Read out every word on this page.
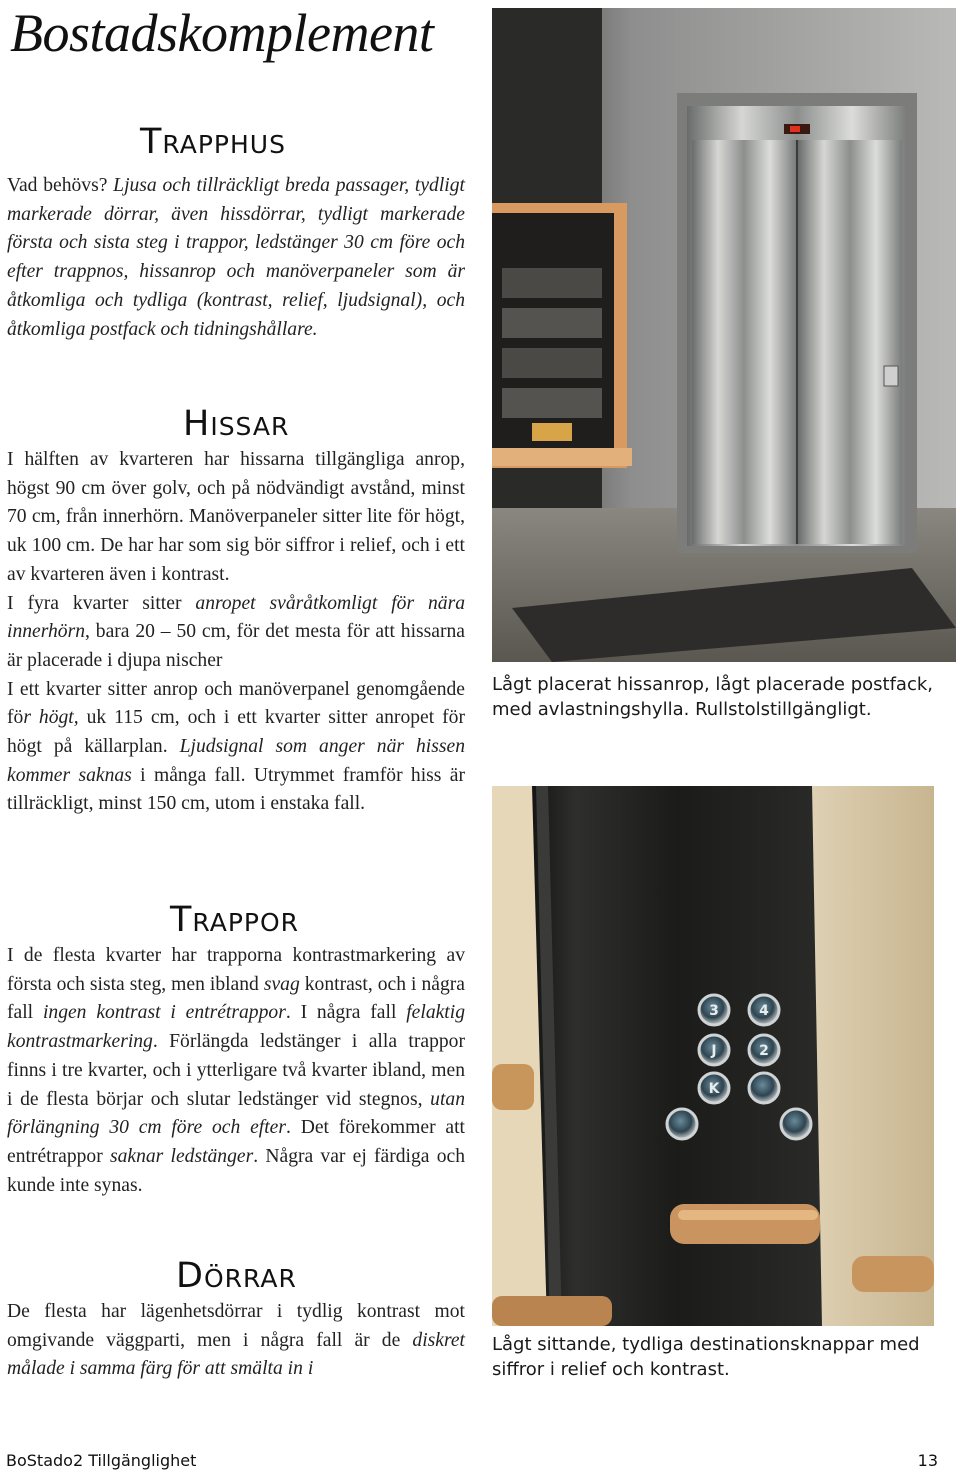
Bostadskomplement
Trapphus

Vad behövs? Ljusa och tillräckligt breda passager, tydligt markerade dörrar, även hissdörrar, tydligt markerade första och sista steg i trappor, ledstänger 30 cm före och efter trappnos, hissanrop och manöverpaneler som är åtkomliga och tydliga (kontrast, relief, ljudsignal), och åtkomliga postfack och tidningshållare.

Hissar

I hälften av kvarteren har hissarna tillgängliga anrop, högst 90 cm över golv, och på nödvändigt avstånd, minst 70 cm, från innerhörn. Manöverpaneler sitter lite för högt, uk 100 cm. De har har som sig bör siffror i relief, och i ett av kvarteren även i kontrast.

I fyra kvarter sitter anropet svåråtkomligt för nära innerhörn, bara 20 – 50 cm, för det mesta för att hissarna är placerade i djupa nischer

I ett kvarter sitter anrop och manöverpanel genomgående för högt, uk 115 cm, och i ett kvarter sitter anropet för högt på källarplan. Ljudsignal som anger när hissen kommer saknas i många fall. Utrymmet framför hiss är tillräckligt, minst 150 cm, utom i enstaka fall.

Trappor

I de flesta kvarter har trapporna kontrastmarkering av första och sista steg, men ibland svag kontrast, och i några fall ingen kontrast i entrétrappor. I några fall felaktig kontrastmarkering. Förlängda ledstänger i alla trappor finns i tre kvarter, och i ytterligare två kvarter ibland, men i de flesta börjar och slutar ledstänger vid stegnos, utan förlängning 30 cm före och efter. Det förekommer att entrétrappor saknar ledstänger. Några var ej färdiga och kunde inte synas.

Dörrar

De flesta har lägenhetsdörrar i tydlig kontrast mot omgivande väggparti, men i några fall är de diskret målade i samma färg för att smälta in i

Lågt placerat hissanrop, lågt placerade postfack, med avlastningshylla. Rullstolstillgängligt.
3	4
J	2
K
Lågt sittande, tydliga destinationsknappar med siffror i relief och kontrast.
BoStado2 Tillgänglighet	13
